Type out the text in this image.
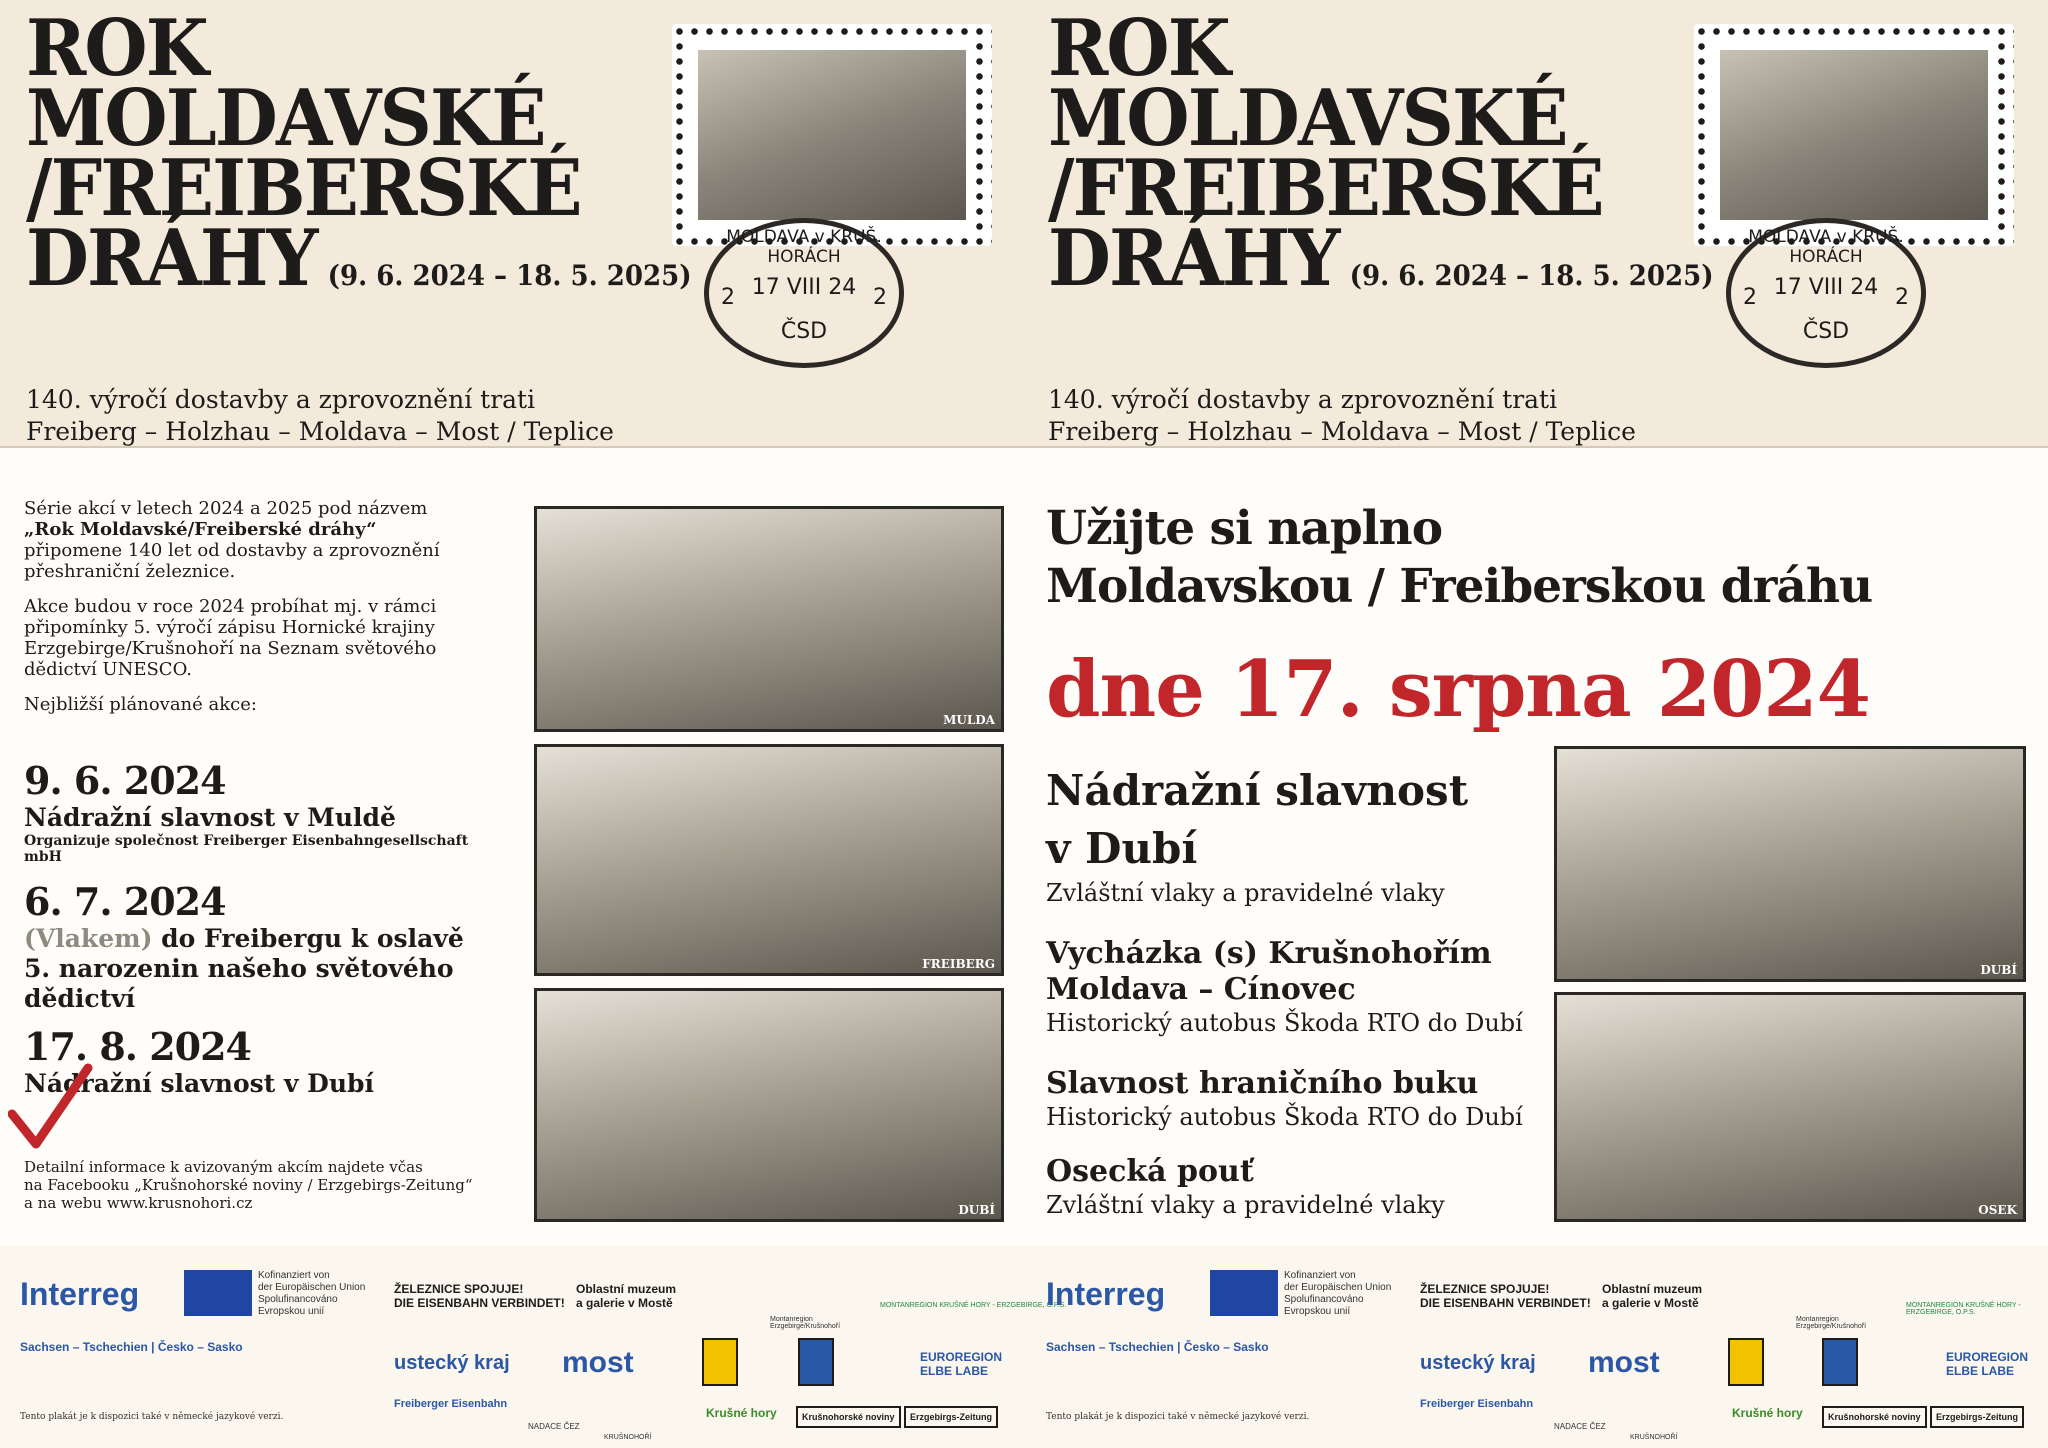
ROK
MOLDAVSKÉ
/FREIBERSKÉ
DRÁHY (9. 6. 2024 – 18. 5. 2025)
140. výročí dostavby a zprovoznění trati
Freiberg – Holzhau – Moldava – Most / Teplice
MOLDAVA v KRUŠ. HORÁCH
17 VIII 24
ČSD
2	2
ROK
MOLDAVSKÉ
/FREIBERSKÉ
DRÁHY (9. 6. 2024 – 18. 5. 2025)
140. výročí dostavby a zprovoznění trati
Freiberg – Holzhau – Moldava – Most / Teplice
MOLDAVA v KRUŠ. HORÁCH
17 VIII 24
ČSD
2	2
Série akcí v letech 2024 a 2025 pod názvem
„Rok Moldavské/Freiberské dráhy“
připomene 140 let od dostavby a zprovoznění
přeshraniční železnice.
Akce budou v roce 2024 probíhat mj. v rámci
připomínky 5. výročí zápisu Hornické krajiny
Erzgebirge/Krušnohoří na Seznam světového
dědictví UNESCO.
Nejbližší plánované akce:
9. 6. 2024
Nádražní slavnost v Muldě
Organizuje společnost Freiberger Eisenbahngesellschaft mbH
6. 7. 2024
(Vlakem) do Freibergu k oslavě
5. narozenin našeho světového
dědictví
17. 8. 2024
Nádražní slavnost v Dubí
Detailní informace k avizovaným akcím najdete včas
na Facebooku „Krušnohorské noviny / Erzgebirgs-Zeitung“
a na webu www.krusnohori.cz
MULDA
FREIBERG
DUBÍ
Užijte si naplno
Moldavskou / Freiberskou dráhu
dne 17. srpna 2024
Nádražní slavnost
v Dubí
Zvláštní vlaky a pravidelné vlaky
Vycházka (s) Krušnohořím
Moldava – Cínovec
Historický autobus Škoda RTO do Dubí
Slavnost hraničního buku
Historický autobus Škoda RTO do Dubí
Osecká pouť
Zvláštní vlaky a pravidelné vlaky
DUBÍ
OSEK
Interreg
Sachsen – Tschechien | Česko – Sasko
Kofinanziert von
der Europäischen Union
Spolufinancováno
Evropskou unií
ŽELEZNICE SPOJUJE!
DIE EISENBAHN VERBINDET!
Oblastní muzeum
a galerie v Mostě
Montanregion Erzgebirge/Krušnohoří
MONTANREGION KRUŠNÉ HORY - ERZGEBIRGE, O.P.S.
ustecký kraj most	EUROREGION
ELBE LABE
Freiberger Eisenbahn
NADACE ČEZ
KRUŠNOHOŘÍ
Krušné hory	Krušnohorské noviny	Erzgebirgs-Zeitung
Tento plakát je k dispozici také v německé jazykové verzi.
Interreg
Sachsen – Tschechien | Česko – Sasko
Kofinanziert von
der Europäischen Union
Spolufinancováno
Evropskou unií
ŽELEZNICE SPOJUJE!
DIE EISENBAHN VERBINDET!
Oblastní muzeum
a galerie v Mostě
Montanregion Erzgebirge/Krušnohoří
MONTANREGION KRUŠNÉ HORY - ERZGEBIRGE, O.P.S.
ustecký kraj most	EUROREGION
ELBE LABE
Freiberger Eisenbahn
NADACE ČEZ
KRUŠNOHOŘÍ
Krušné hory	Krušnohorské noviny	Erzgebirgs-Zeitung
Tento plakát je k dispozici také v německé jazykové verzi.
